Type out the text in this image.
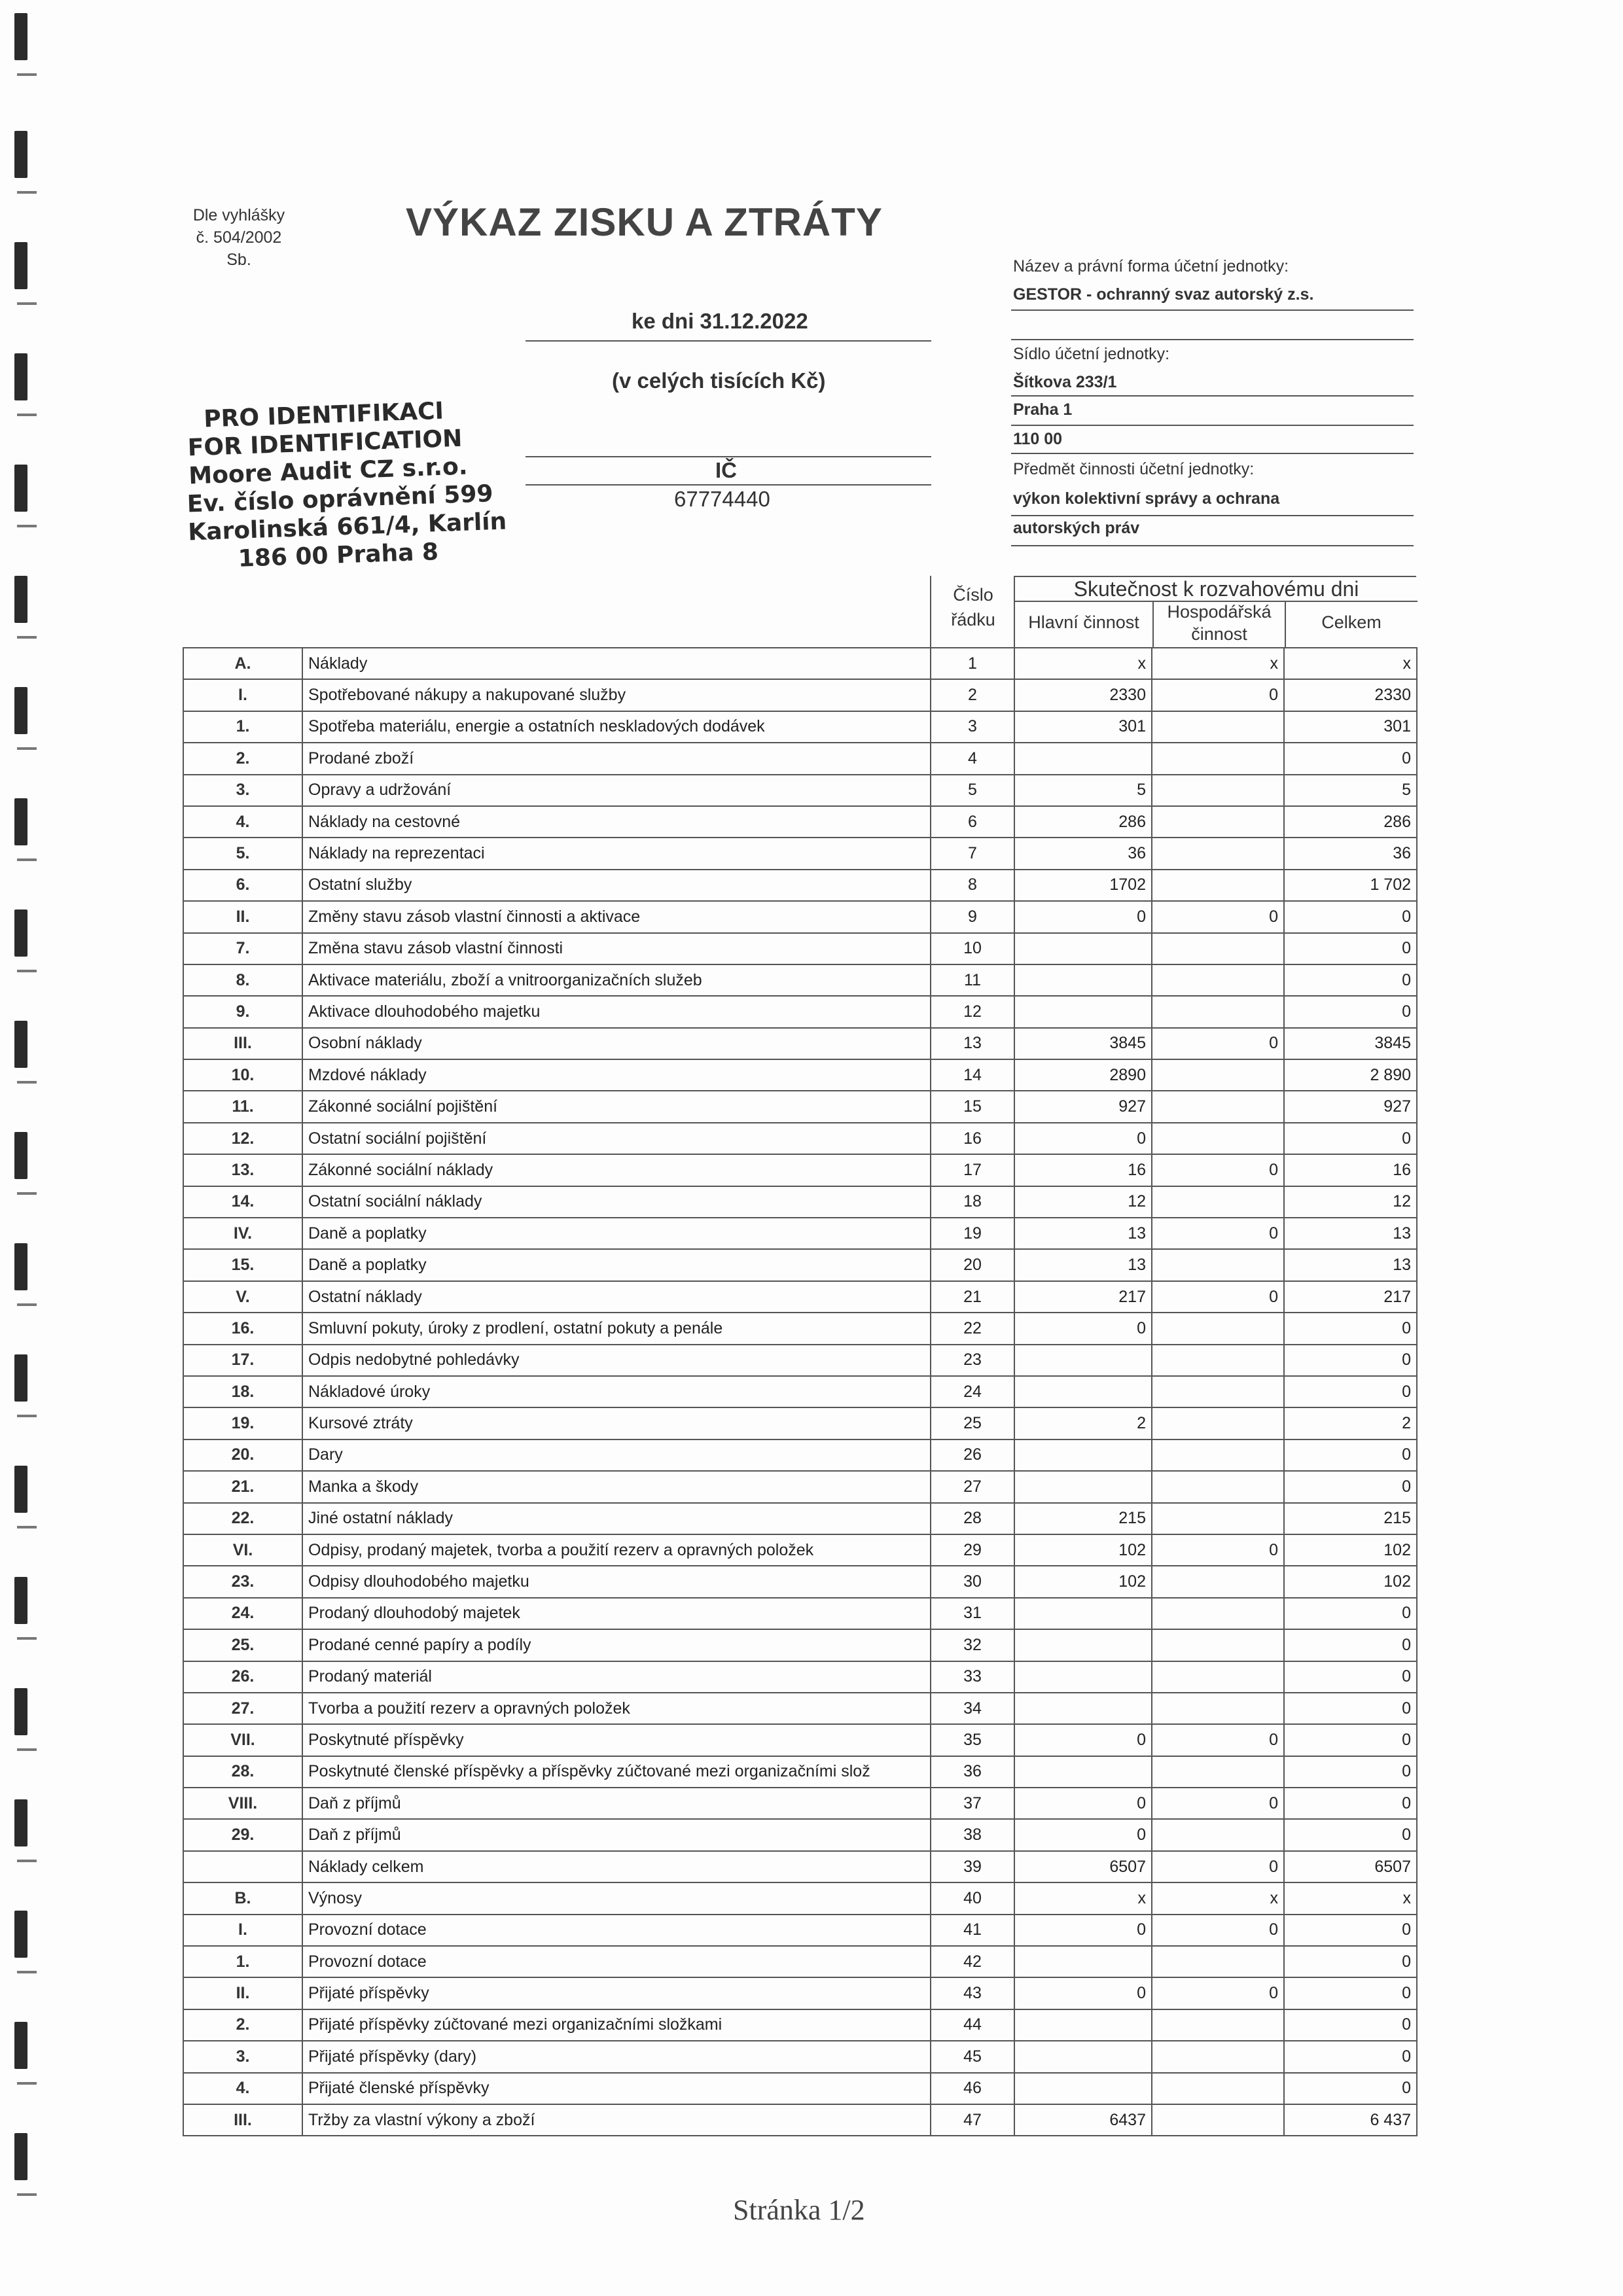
Dle vyhlášky
č. 504/2002
Sb.
VÝKAZ ZISKU A ZTRÁTY
ke dni 31.12.2022
(v celých tisících Kč)
IČ
67774440
PRO IDENTIFIKACI
FOR IDENTIFICATION
Moore Audit CZ s.r.o.
Ev. číslo oprávnění 599
Karolinská 661/4, Karlín
186 00 Praha 8
Název a právní forma účetní jednotky:
GESTOR - ochranný svaz autorský z.s.
Sídlo účetní jednotky:
Šítkova 233/1
Praha 1
110 00
Předmět činnosti účetní jednotky:
výkon kolektivní správy a ochrana
autorských práv
Číslo
řádku
Skutečnost k rozvahovému dni
Hlavní činnost
Hospodářská
činnost
Celkem
A.	Náklady	1	x	x	x
I.	Spotřebované nákupy a nakupované služby	2	2330	0	2330
1.	Spotřeba materiálu, energie a ostatních neskladových dodávek	3	301		301
2.	Prodané zboží	4			0
3.	Opravy a udržování	5	5		5
4.	Náklady na cestovné	6	286		286
5.	Náklady na reprezentaci	7	36		36
6.	Ostatní služby	8	1702		1 702
II.	Změny stavu zásob vlastní činnosti a aktivace	9	0	0	0
7.	Změna stavu zásob vlastní činnosti	10			0
8.	Aktivace materiálu, zboží a vnitroorganizačních služeb	11			0
9.	Aktivace dlouhodobého majetku	12			0
III.	Osobní náklady	13	3845	0	3845
10.	Mzdové náklady	14	2890		2 890
11.	Zákonné sociální pojištění	15	927		927
12.	Ostatní sociální pojištění	16	0		0
13.	Zákonné sociální náklady	17	16	0	16
14.	Ostatní sociální náklady	18	12		12
IV.	Daně a poplatky	19	13	0	13
15.	Daně a poplatky	20	13		13
V.	Ostatní náklady	21	217	0	217
16.	Smluvní pokuty, úroky z prodlení, ostatní pokuty a penále	22	0		0
17.	Odpis nedobytné pohledávky	23			0
18.	Nákladové úroky	24			0
19.	Kursové ztráty	25	2		2
20.	Dary	26			0
21.	Manka a škody	27			0
22.	Jiné ostatní náklady	28	215		215
VI.	Odpisy, prodaný majetek, tvorba a použití rezerv a opravných položek	29	102	0	102
23.	Odpisy dlouhodobého majetku	30	102		102
24.	Prodaný dlouhodobý majetek	31			0
25.	Prodané cenné papíry a podíly	32			0
26.	Prodaný materiál	33			0
27.	Tvorba a použití rezerv a opravných položek	34			0
VII.	Poskytnuté příspěvky	35	0	0	0
28.	Poskytnuté členské příspěvky a příspěvky zúčtované mezi organizačními slož	36			0
VIII.	Daň z příjmů	37	0	0	0
29.	Daň z příjmů	38	0		0
	Náklady celkem	39	6507	0	6507
B.	Výnosy	40	x	x	x
I.	Provozní dotace	41	0	0	0
1.	Provozní dotace	42			0
II.	Přijaté příspěvky	43	0	0	0
2.	Přijaté příspěvky zúčtované mezi organizačními složkami	44			0
3.	Přijaté příspěvky (dary)	45			0
4.	Přijaté členské příspěvky	46			0
III.	Tržby za vlastní výkony a zboží	47	6437		6 437
Stránka 1/2
